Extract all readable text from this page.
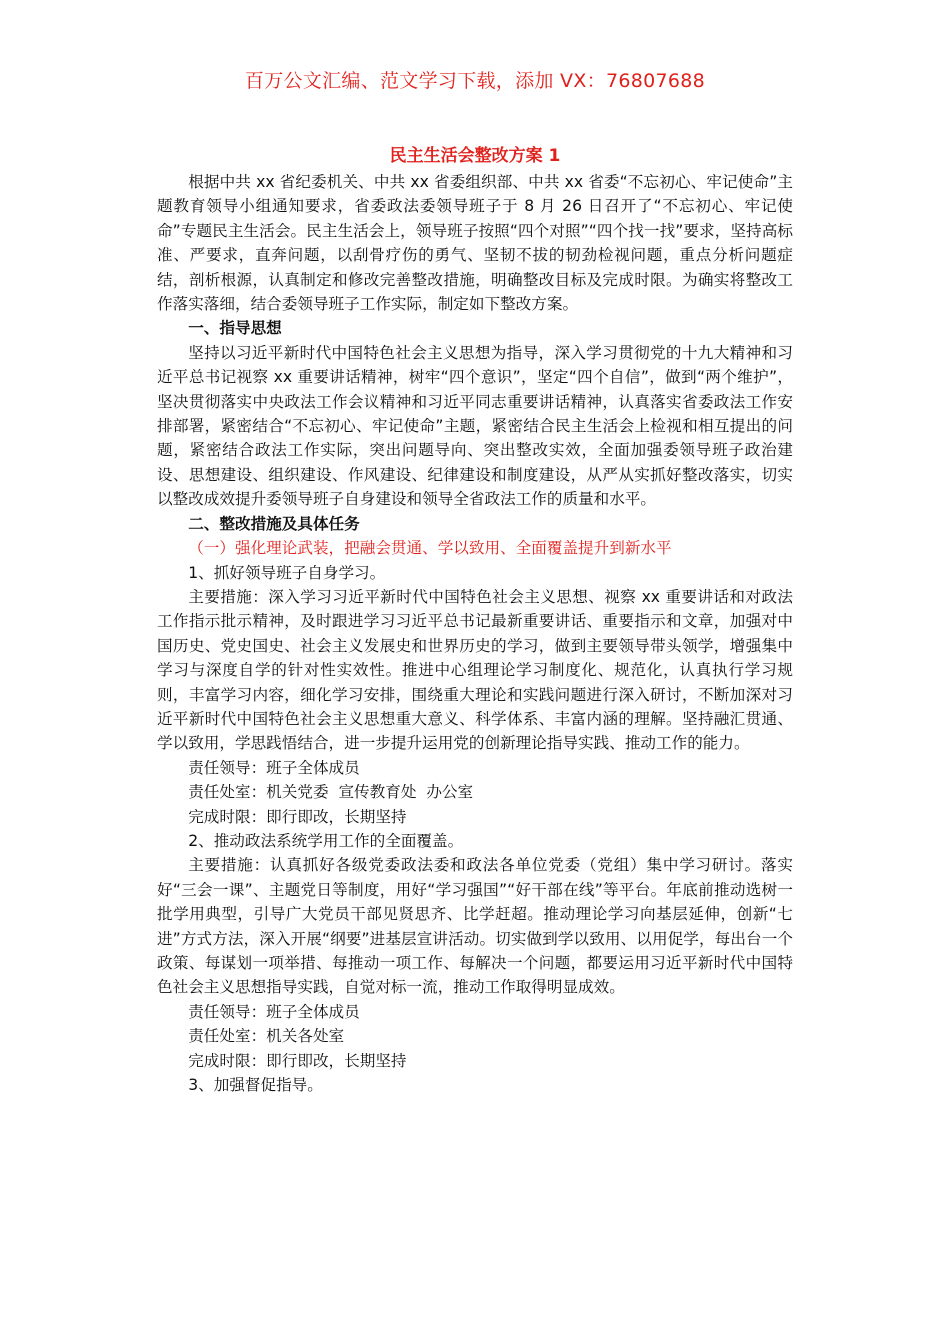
百万公文汇编、范文学习下载，添加 VX：76807688
民主生活会整改方案 1

根据中共 xx 省纪委机关、中共 xx 省委组织部、中共 xx 省委“不忘初心、牢记使命”主题教育领导小组通知要求，省委政法委领导班子于 8 月 26 日召开了“不忘初心、牢记使命”专题民主生活会。民主生活会上，领导班子按照“四个对照”“四个找一找”要求，坚持高标准、严要求，直奔问题，以刮骨疗伤的勇气、坚韧不拔的韧劲检视问题，重点分析问题症结，剖析根源，认真制定和修改完善整改措施，明确整改目标及完成时限。为确实将整改工作落实落细，结合委领导班子工作实际，制定如下整改方案。

一、指导思想

坚持以习近平新时代中国特色社会主义思想为指导，深入学习贯彻党的十九大精神和习近平总书记视察 xx 重要讲话精神，树牢“四个意识”，坚定“四个自信”，做到“两个维护”，坚决贯彻落实中央政法工作会议精神和习近平同志重要讲话精神，认真落实省委政法工作安排部署，紧密结合“不忘初心、牢记使命”主题，紧密结合民主生活会上检视和相互提出的问题，紧密结合政法工作实际，突出问题导向、突出整改实效，全面加强委领导班子政治建设、思想建设、组织建设、作风建设、纪律建设和制度建设，从严从实抓好整改落实，切实以整改成效提升委领导班子自身建设和领导全省政法工作的质量和水平。

二、整改措施及具体任务

（一）强化理论武装，把融会贯通、学以致用、全面覆盖提升到新水平

1、抓好领导班子自身学习。

主要措施：深入学习习近平新时代中国特色社会主义思想、视察 xx 重要讲话和对政法工作指示批示精神，及时跟进学习习近平总书记最新重要讲话、重要指示和文章，加强对中国历史、党史国史、社会主义发展史和世界历史的学习，做到主要领导带头领学，增强集中学习与深度自学的针对性实效性。推进中心组理论学习制度化、规范化，认真执行学习规则，丰富学习内容，细化学习安排，围绕重大理论和实践问题进行深入研讨，不断加深对习近平新时代中国特色社会主义思想重大意义、科学体系、丰富内涵的理解。坚持融汇贯通、学以致用，学思践悟结合，进一步提升运用党的创新理论指导实践、推动工作的能力。

责任领导：班子全体成员

责任处室：机关党委  宣传教育处  办公室

完成时限：即行即改，长期坚持

2、推动政法系统学用工作的全面覆盖。

主要措施：认真抓好各级党委政法委和政法各单位党委（党组）集中学习研讨。落实好“三会一课”、主题党日等制度，用好“学习强国”“好干部在线”等平台。年底前推动选树一批学用典型，引导广大党员干部见贤思齐、比学赶超。推动理论学习向基层延伸，创新“七进”方式方法，深入开展“纲要”进基层宣讲活动。切实做到学以致用、以用促学，每出台一个政策、每谋划一项举措、每推动一项工作、每解决一个问题，都要运用习近平新时代中国特色社会主义思想指导实践，自觉对标一流，推动工作取得明显成效。

责任领导：班子全体成员

责任处室：机关各处室

完成时限：即行即改，长期坚持

3、加强督促指导。
